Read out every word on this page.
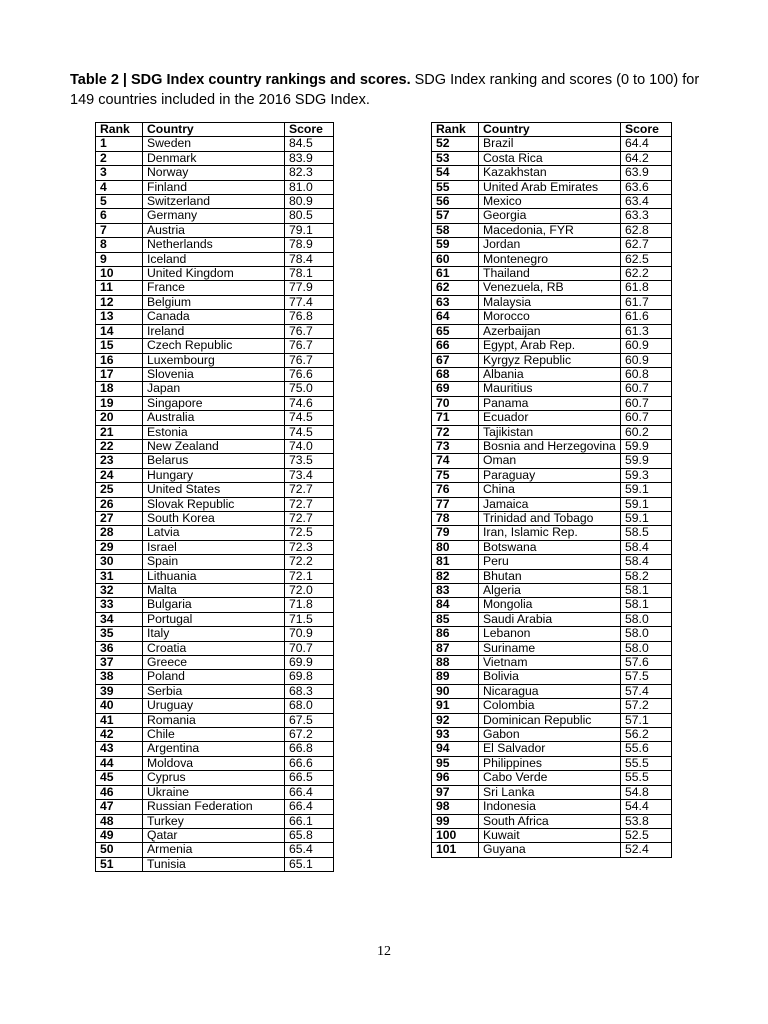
Table 2 | SDG Index country rankings and scores. SDG Index ranking and scores (0 to 100) for 149 countries included in the 2016 SDG Index.
Rank	Country	Score
1	Sweden	84.5
2	Denmark	83.9
3	Norway	82.3
4	Finland	81.0
5	Switzerland	80.9
6	Germany	80.5
7	Austria	79.1
8	Netherlands	78.9
9	Iceland	78.4
10	United Kingdom	78.1
11	France	77.9
12	Belgium	77.4
13	Canada	76.8
14	Ireland	76.7
15	Czech Republic	76.7
16	Luxembourg	76.7
17	Slovenia	76.6
18	Japan	75.0
19	Singapore	74.6
20	Australia	74.5
21	Estonia	74.5
22	New Zealand	74.0
23	Belarus	73.5
24	Hungary	73.4
25	United States	72.7
26	Slovak Republic	72.7
27	South Korea	72.7
28	Latvia	72.5
29	Israel	72.3
30	Spain	72.2
31	Lithuania	72.1
32	Malta	72.0
33	Bulgaria	71.8
34	Portugal	71.5
35	Italy	70.9
36	Croatia	70.7
37	Greece	69.9
38	Poland	69.8
39	Serbia	68.3
40	Uruguay	68.0
41	Romania	67.5
42	Chile	67.2
43	Argentina	66.8
44	Moldova	66.6
45	Cyprus	66.5
46	Ukraine	66.4
47	Russian Federation	66.4
48	Turkey	66.1
49	Qatar	65.8
50	Armenia	65.4
51	Tunisia	65.1
Rank	Country	Score
52	Brazil	64.4
53	Costa Rica	64.2
54	Kazakhstan	63.9
55	United Arab Emirates	63.6
56	Mexico	63.4
57	Georgia	63.3
58	Macedonia, FYR	62.8
59	Jordan	62.7
60	Montenegro	62.5
61	Thailand	62.2
62	Venezuela, RB	61.8
63	Malaysia	61.7
64	Morocco	61.6
65	Azerbaijan	61.3
66	Egypt, Arab Rep.	60.9
67	Kyrgyz Republic	60.9
68	Albania	60.8
69	Mauritius	60.7
70	Panama	60.7
71	Ecuador	60.7
72	Tajikistan	60.2
73	Bosnia and Herzegovina	59.9
74	Oman	59.9
75	Paraguay	59.3
76	China	59.1
77	Jamaica	59.1
78	Trinidad and Tobago	59.1
79	Iran, Islamic Rep.	58.5
80	Botswana	58.4
81	Peru	58.4
82	Bhutan	58.2
83	Algeria	58.1
84	Mongolia	58.1
85	Saudi Arabia	58.0
86	Lebanon	58.0
87	Suriname	58.0
88	Vietnam	57.6
89	Bolivia	57.5
90	Nicaragua	57.4
91	Colombia	57.2
92	Dominican Republic	57.1
93	Gabon	56.2
94	El Salvador	55.6
95	Philippines	55.5
96	Cabo Verde	55.5
97	Sri Lanka	54.8
98	Indonesia	54.4
99	South Africa	53.8
100	Kuwait	52.5
101	Guyana	52.4
12
